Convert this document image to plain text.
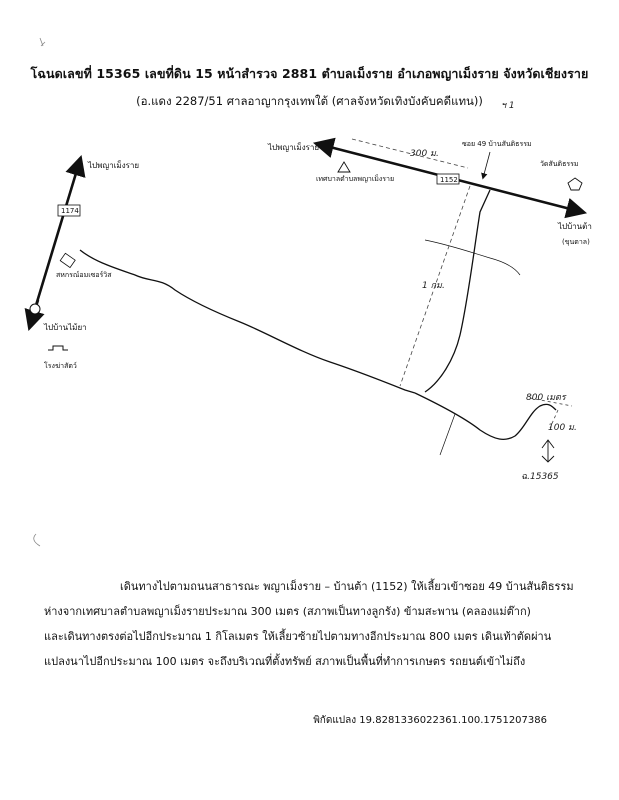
โฉนดเลขที่ 15365 เลขที่ดิน 15 หน้าสำรวจ 2881 ตำบลเม็งราย อำเภอพญาเม็งราย จังหวัดเชียงราย
(อ.แดง 2287/51 ศาลอาญากรุงเทพใต้ (ศาลจังหวัดเทิงบังคับคดีแทน))	ฯ 1
ไปพญาเม็งราย
1174
สหกรณ์อมเซอร์วิส
ไปบ้านไม้ยา
โรงฆ่าสัตว์
ไปพญาเม็งราย
300 ม.
ซอย 49 บ้านสันติธรรม
เทศบาลตำบลพญาเม็งราย	1152
วัดสันติธรรม
ไปบ้านต้า
(ขุนตาล)
1 กม.
800 เมตร
100 ม.
ฉ.15365

เดินทางไปตามถนนสาธารณะ พญาเม็งราย – บ้านต้า (1152) ให้เลี้ยวเข้าซอย 49 บ้านสันติธรรม

ห่างจากเทศบาลตำบลพญาเม็งรายประมาณ 300 เมตร (สภาพเป็นทางลูกรัง) ข้ามสะพาน (คลองแม่ต๊าก)

และเดินทางตรงต่อไปอีกประมาณ 1 กิโลเมตร ให้เลี้ยวซ้ายไปตามทางอีกประมาณ 800 เมตร เดินเท้าตัดผ่าน

แปลงนาไปอีกประมาณ 100 เมตร จะถึงบริเวณที่ตั้งทรัพย์ สภาพเป็นพื้นที่ทำการเกษตร รถยนต์เข้าไม่ถึง

พิกัดแปลง 19.8281336022361.100.1751207386
